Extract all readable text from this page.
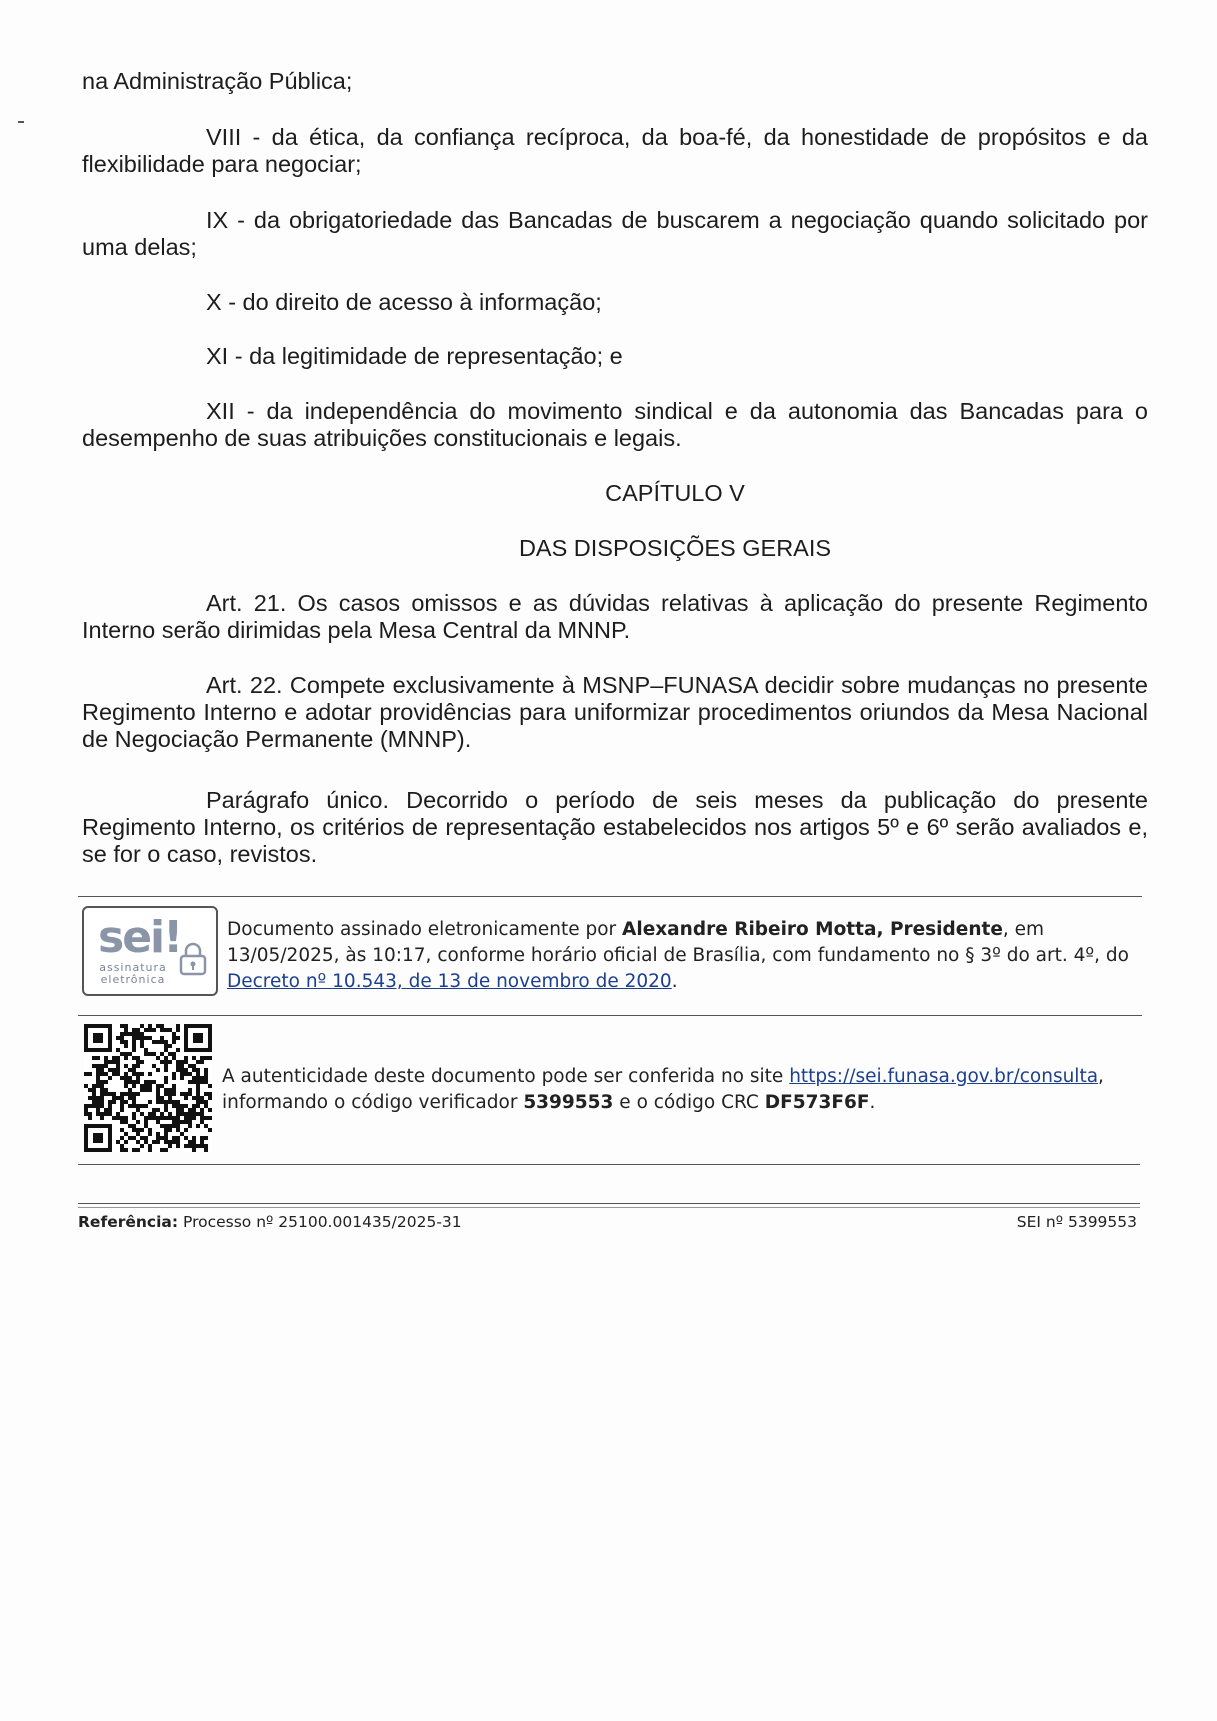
na Administração Pública;
VIII - da ética, da confiança recíproca, da boa-fé, da honestidade de propósitos e da flexibilidade para negociar;
IX - da obrigatoriedade das Bancadas de buscarem a negociação quando solicitado por uma delas;
X - do direito de acesso à informação;
XI - da legitimidade de representação; e
XII - da independência do movimento sindical e da autonomia das Bancadas para o desempenho de suas atribuições constitucionais e legais.
CAPÍTULO V
DAS DISPOSIÇÕES GERAIS
Art. 21. Os casos omissos e as dúvidas relativas à aplicação do presente Regimento Interno serão dirimidas pela Mesa Central da MNNP.
Art. 22. Compete exclusivamente à MSNP–FUNASA decidir sobre mudanças no presente Regimento Interno e adotar providências para uniformizar procedimentos oriundos da Mesa Nacional de Negociação Permanente (MNNP).
Parágrafo único. Decorrido o período de seis meses da publicação do presente Regimento Interno, os critérios de representação estabelecidos nos artigos 5º e 6º serão avaliados e, se for o caso, revistos.
sei!
assinatura eletrônica
Documento assinado eletronicamente por Alexandre Ribeiro Motta, Presidente, em 13/05/2025, às 10:17, conforme horário oficial de Brasília, com fundamento no § 3º do art. 4º, do Decreto nº 10.543, de 13 de novembro de 2020.
A autenticidade deste documento pode ser conferida no site https://sei.funasa.gov.br/consulta, informando o código verificador 5399553 e o código CRC DF573F6F.
Referência: Processo nº 25100.001435/2025-31	SEI nº 5399553
